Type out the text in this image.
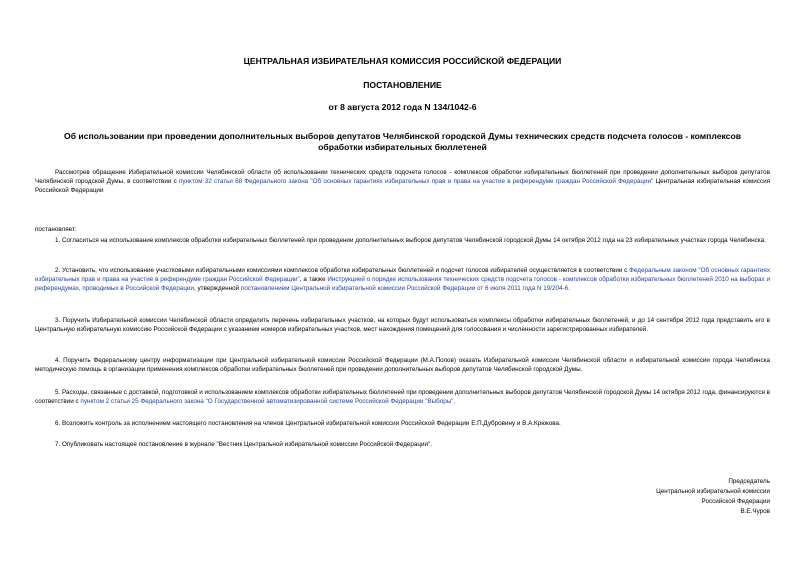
ЦЕНТРАЛЬНАЯ ИЗБИРАТЕЛЬНАЯ КОМИССИЯ РОССИЙСКОЙ ФЕДЕРАЦИИ
ПОСТАНОВЛЕНИЕ
от 8 августа 2012 года N 134/1042-6
Об использовании при проведении дополнительных выборов депутатов Челябинской городской Думы технических средств подсчета голосов - комплексов обработки избирательных бюллетеней
Рассмотрев обращение Избирательной комиссии Челябинской области об использовании технических средств подсчета голосов - комплексов обработки избирательных бюллетеней при проведении дополнительных выборов депутатов Челябинской городской Думы, в соответствии с пунктом 32 статьи 68 Федерального закона "Об основных гарантиях избирательных прав и права на участие в референдуме граждан Российской Федерации" Центральная избирательная комиссия Российской Федерации
постановляет:
1. Согласиться на использование комплексов обработки избирательных бюллетеней при проведении дополнительных выборов депутатов Челябинской городской Думы 14 октября 2012 года на 23 избирательных участках города Челябинска.
2. Установить, что использование участковыми избирательными комиссиями комплексов обработки избирательных бюллетеней и подсчет голосов избирателей осуществляется в соответствии с Федеральным законом "Об основных гарантиях избирательных прав и права на участие в референдуме граждан Российской Федерации", а также Инструкцией о порядке использования технических средств подсчета голосов - комплексов обработки избирательных бюллетеней 2010 на выборах и референдумах, проводимых в Российской Федерации, утвержденной постановлением Центральной избирательной комиссии Российской Федерации от 6 июля 2011 года N 19/204-6.
3. Поручить Избирательной комиссии Челябинской области определить перечень избирательных участков, на которых будут использоваться комплексы обработки избирательных бюллетеней, и до 14 сентября 2012 года представить его в Центральную избирательную комиссию Российской Федерации с указанием номеров избирательных участков, мест нахождения помещений для голосования и численности зарегистрированных избирателей.
4. Поручить Федеральному центру информатизации при Центральной избирательной комиссии Российской Федерации (М.А.Попов) оказать Избирательной комиссии Челябинской области и избирательной комиссии города Челябинска методическую помощь в организации применения комплексов обработки избирательных бюллетеней при проведении дополнительных выборов депутатов Челябинской городской Думы.
5. Расходы, связанные с доставкой, подготовкой и использованием комплексов обработки избирательных бюллетеней при проведении дополнительных выборов депутатов Челябинской городской Думы 14 октября 2012 года, финансируются в соответствии с пунктом 2 статьи 25 Федерального закона "О Государственной автоматизированной системе Российской Федерации "Выборы".
6. Возложить контроль за исполнением настоящего постановления на членов Центральной избирательной комиссии Российской Федерации Е.П.Дубровину и В.А.Крюкова.
7. Опубликовать настоящее постановление в журнале "Вестник Центральной избирательной комиссии Российской Федерации".
Председатель
Центральной избирательной комиссии
Российской Федерации
В.Е.Чуров
